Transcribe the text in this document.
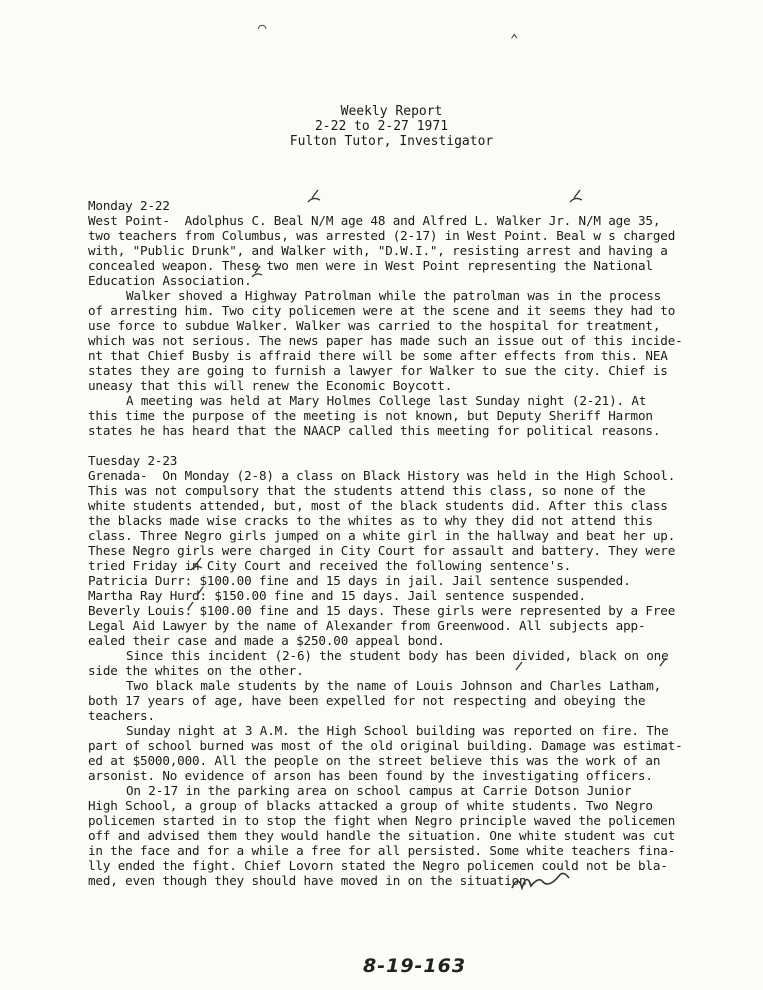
⌒
⌃
Weekly Report
2-22 to 2-27 1971
Fulton Tutor, Investigator
Monday 2-22
West Point-  Adolphus C. Beal N/M age 48 and Alfred L. Walker Jr. N/M age 35,
two teachers from Columbus, was arrested (2-17) in West Point. Beal w s charged
with, "Public Drunk", and Walker with, "D.W.I.", resisting arrest and having a
concealed weapon. These two men were in West Point representing the National
Education Association.
Walker shoved a Highway Patrolman while the patrolman was in the process
of arresting him. Two city policemen were at the scene and it seems they had to
use force to subdue Walker. Walker was carried to the hospital for treatment,
which was not serious. The news paper has made such an issue out of this incide-
nt that Chief Busby is affraid there will be some after effects from this. NEA
states they are going to furnish a lawyer for Walker to sue the city. Chief is
uneasy that this will renew the Economic Boycott.
A meeting was held at Mary Holmes College last Sunday night (2-21). At
this time the purpose of the meeting is not known, but Deputy Sheriff Harmon
states he has heard that the NAACP called this meeting for political reasons.
Tuesday 2-23
Grenada-  On Monday (2-8) a class on Black History was held in the High School.
This was not compulsory that the students attend this class, so none of the
white students attended, but, most of the black students did. After this class
the blacks made wise cracks to the whites as to why they did not attend this
class. Three Negro girls jumped on a white girl in the hallway and beat her up.
These Negro girls were charged in City Court for assault and battery. They were
tried Friday in City Court and received the following sentence's.
Patricia Durr: $100.00 fine and 15 days in jail. Jail sentence suspended.
Martha Ray Hurd: $150.00 fine and 15 days. Jail sentence suspended.
Beverly Louis: $100.00 fine and 15 days. These girls were represented by a Free
Legal Aid Lawyer by the name of Alexander from Greenwood. All subjects app-
ealed their case and made a $250.00 appeal bond.
Since this incident (2-6) the student body has been divided, black on one
side the whites on the other.
Two black male students by the name of Louis Johnson and Charles Latham,
both 17 years of age, have been expelled for not respecting and obeying the
teachers.
Sunday night at 3 A.M. the High School building was reported on fire. The
part of school burned was most of the old original building. Damage was estimat-
ed at $5000,000. All the people on the street believe this was the work of an
arsonist. No evidence of arson has been found by the investigating officers.
On 2-17 in the parking area on school campus at Carrie Dotson Junior
High School, a group of blacks attacked a group of white students. Two Negro
policemen started in to stop the fight when Negro principle waved the policemen
off and advised them they would handle the situation. One white student was cut
in the face and for a while a free for all persisted. Some white teachers fina-
lly ended the fight. Chief Lovorn stated the Negro policemen could not be bla-
med, even though they should have moved in on the situation.
8-19-163
